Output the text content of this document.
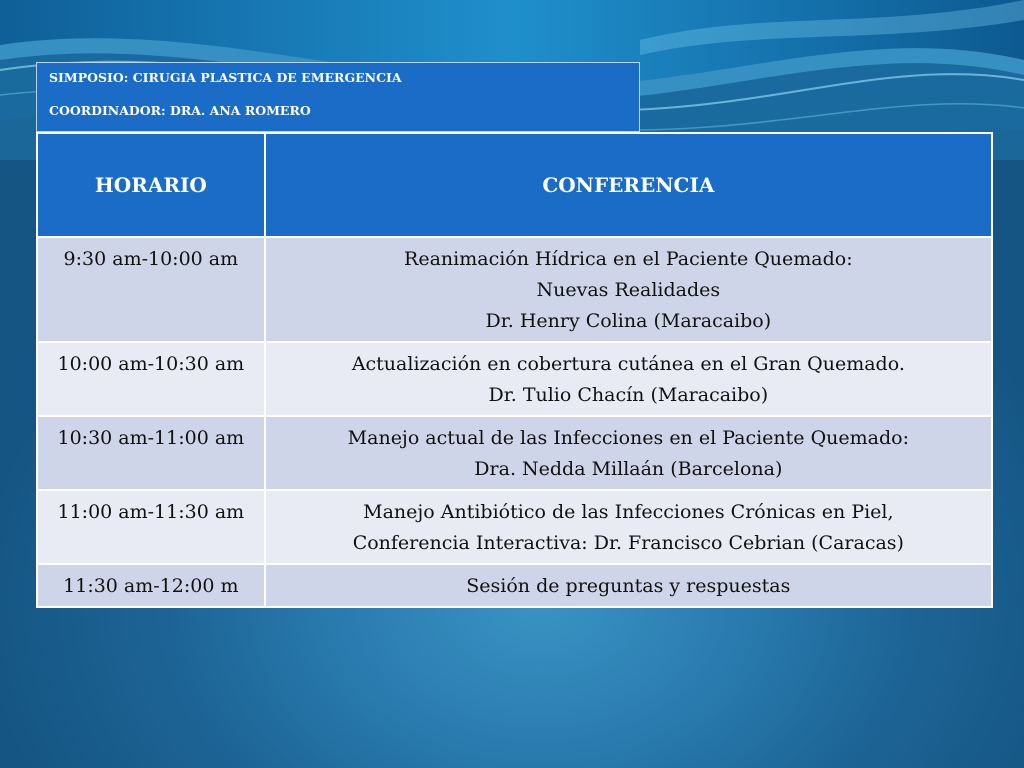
SIMPOSIO: CIRUGIA PLASTICA DE EMERGENCIA
COORDINADOR: DRA. ANA ROMERO
HORARIO	CONFERENCIA
9:30 am-10:00 am	Reanimación Hídrica en el Paciente Quemado:
Nuevas Realidades
Dr. Henry Colina (Maracaibo)

10:00 am-10:30 am	Actualización en cobertura cutánea en el Gran Quemado.
Dr. Tulio Chacín (Maracaibo)

10:30 am-11:00 am	Manejo actual de las Infecciones en el Paciente Quemado:
Dra. Nedda Millaán (Barcelona)

11:00 am-11:30 am	Manejo Antibiótico de las Infecciones Crónicas en Piel,
Conferencia Interactiva: Dr. Francisco Cebrian (Caracas)

11:30 am-12:00 m	Sesión de preguntas y respuestas
